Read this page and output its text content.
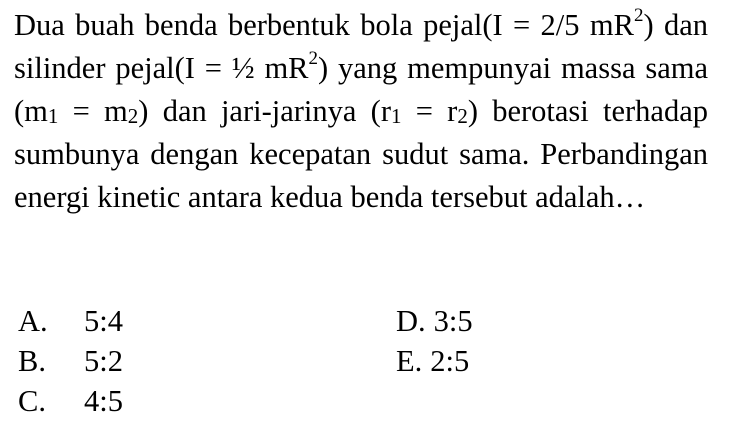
Dua buah benda berbentuk bola pejal(I = 2/5 $mR^2$) dan silinder pejal(I = ½ $mR^2$) yang mempunyai massa sama $(m_1 = m_2)$ dan jari-jarinya $(r_1 = r_2)$ berotasi terhadap sumbunya dengan kecepatan sudut sama. Perbandingan energi kinetic antara kedua benda tersebut adalah…

A. 5:4
B. 5:2
C. 4:5
D. 3:5
E. 2:5
